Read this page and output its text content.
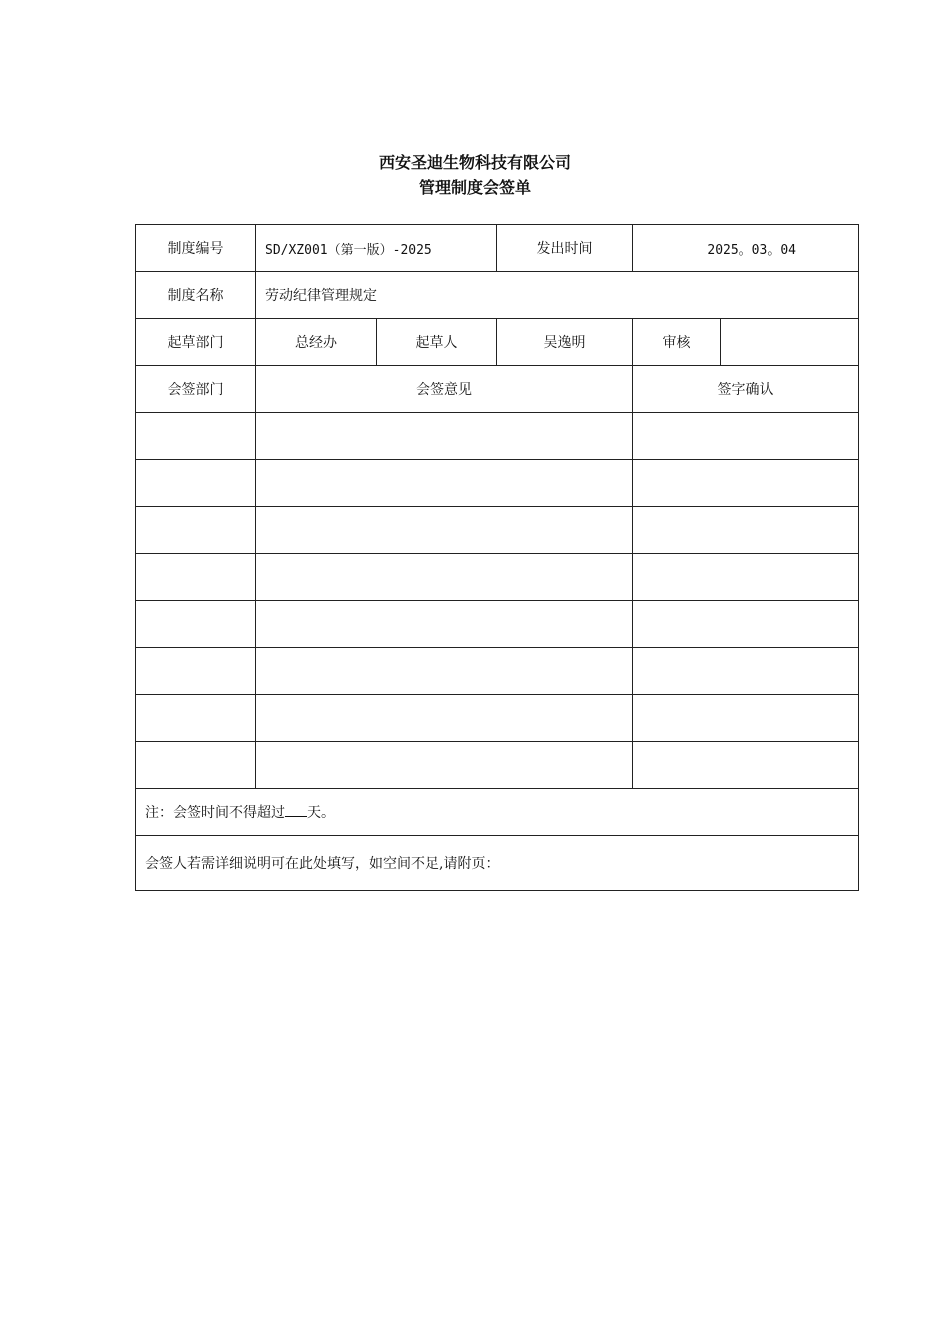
西安圣迪生物科技有限公司
管理制度会签单
制度编号	SD/XZ001（第一版）-2025		发出时间	2025。03。04	
制度名称	劳动纪律管理规定				
起草部门	总经办	起草人	吴逸明	审核	
会签部门	会签意见			签字确认	

注：会签时间不得超过 天。					
会签人若需详细说明可在此处填写，如空间不足,请附页：					
